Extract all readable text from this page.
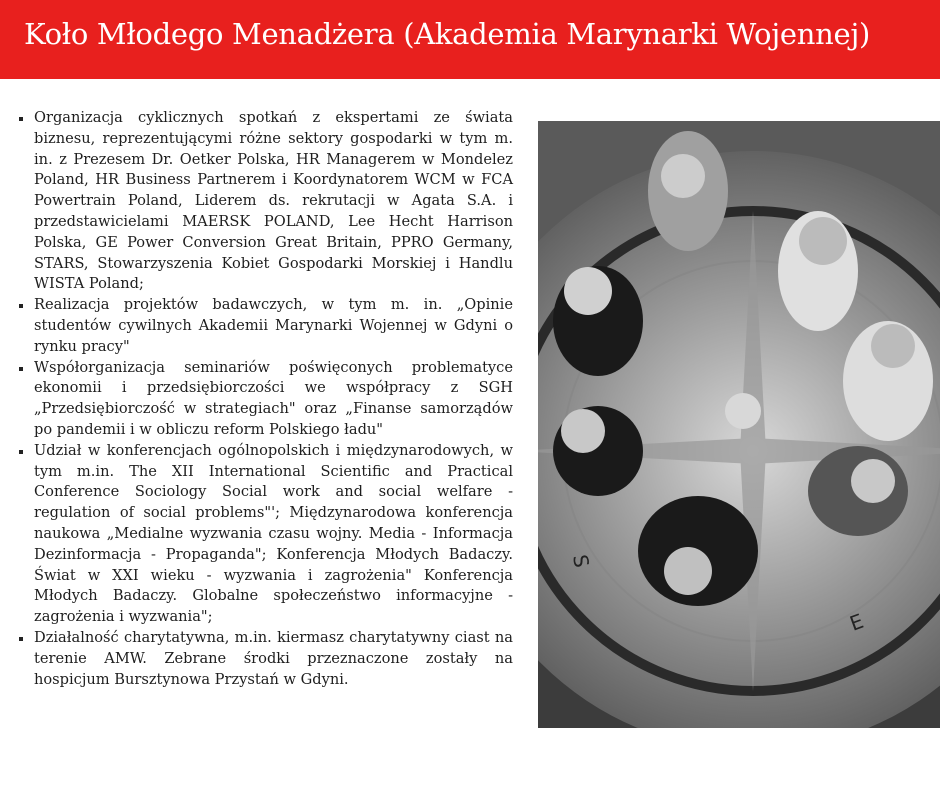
Koło Młodego Menadżera (Akademia Marynarki Wojennej)
Organizacja cyklicznych spotkań z ekspertami ze świata biznesu, reprezentującymi różne sektory gospodarki w tym m. in. z Prezesem Dr. Oetker Polska, HR Managerem w Mondelez Poland, HR Business Partnerem i Koordynatorem WCM w FCA Powertrain Poland, Liderem ds. rekrutacji w Agata S.A. i przedstawicielami MAERSK POLAND, Lee Hecht Harrison Polska, GE Power Conversion Great Britain, PPRO Germany, STARS, Stowarzyszenia Kobiet Gospodarki Morskiej i Handlu WISTA Poland;
Realizacja projektów badawczych, w tym m. in. „Opinie studentów cywilnych Akademii Marynarki Wojennej w Gdyni o rynku pracy"
Współorganizacja seminariów poświęconych problematyce ekonomii i przedsiębiorczości we współpracy z SGH „Przedsiębiorczość w strategiach" oraz „Finanse samorządów po pandemii i w obliczu reform Polskiego ładu"
Udział w konferencjach ogólnopolskich i międzynarodowych, w tym m.in. The XII International Scientific and Practical Conference Sociology Social work and social welfare - regulation of social problems"'; Międzynarodowa konferencja naukowa „Medialne wyzwania czasu wojny. Media - Informacja Dezinformacja - Propaganda"; Konferencja Młodych Badaczy. Świat w XXI wieku - wyzwania i zagrożenia" Konferencja Młodych Badaczy. Globalne społeczeństwo informacyjne - zagrożenia i wyzwania";
Działalność charytatywna, m.in. kiermasz charytatywny ciast na terenie AMW. Zebrane środki przeznaczone zostały na hospicjum Bursztynowa Przystań w Gdyni.
S
E
